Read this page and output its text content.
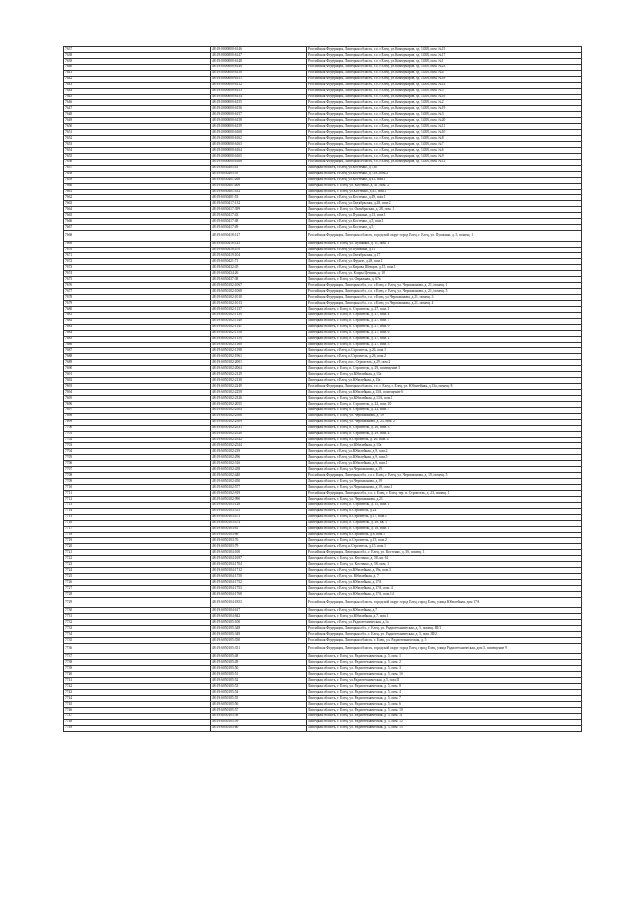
7637	48:19:0000000:6146	Российская Федерация, Липецкая область, г.о. г.Елец, ул.Коммунаров, зд. 143В, пом. №15
7638	48:19:0000000:6147	Российская Федерация, Липецкая область, г.о. г.Елец, ул.Коммунаров, зд. 143В, пом. №17
7639	48:19:0000000:6148	Российская Федерация, Липецкая область, г.о. г.Елец, ул.Коммунаров, зд. 143В, пом. №1
7640	48:19:0000000:6149	Российская Федерация, Липецкая область, г.о. г.Елец, ул.Коммунаров, зд. 143В, пом. №23
7641	48:19:0000000:6150	Российская Федерация, Липецкая область, г.о. г.Елец, ул.Коммунаров, зд. 143В, пом. №4
7642	48:19:0000000:6151	Российская Федерация, Липецкая область, г.о. г.Елец, ул.Коммунаров, зд. 143В, пом. №18
7643	48:19:0000000:6152	Российская Федерация, Липецкая область, г.о. г.Елец, ул.Коммунаров, зд. 143В, пом. №14
7644	48:19:0000000:6153	Российская Федерация, Липецкая область, г.о. г.Елец, ул.Коммунаров, зд. 143В, пом. №5
7645	48:19:0000000:6154	Российская Федерация, Липецкая область, г.о. г.Елец, ул.Коммунаров, зд. 143В, пом. №16
7646	48:19:0000000:6155	Российская Федерация, Липецкая область, г.о. г.Елец, ул.Коммунаров, зд. 143В, пом. №2
7647	48:19:0000000:6156	Российская Федерация, Липецкая область, г.о. г.Елец, ул.Коммунаров, зд. 143В, пом. №19
7648	48:19:0000000:6157	Российская Федерация, Липецкая область, г.о. г.Елец, ул.Коммунаров, зд. 143В, пом. №3
7649	48:19:0000000:6158	Российская Федерация, Липецкая область, г.о. г.Елец, ул.Коммунаров, зд. 143В, пом. №20
7650	48:19:0000000:6159	Российская Федерация, Липецкая область, г.о. г.Елец, ул.Коммунаров, зд. 143В, пом. №11
7651	48:19:0000000:6160	Российская Федерация, Липецкая область, г.о. г.Елец, ул.Коммунаров, зд. 143В, пом. №10
7652	48:19:0000000:6162	Российская Федерация, Липецкая область, г.о. г.Елец, ул.Коммунаров, зд. 143В, пом. №8
7653	48:19:0000000:6163	Российская Федерация, Липецкая область, г.о. г.Елец, ул.Коммунаров, зд. 143В, пом. №7
7654	48:19:0000000:6164	Российская Федерация, Липецкая область, г.о. г.Елец, ул.Коммунаров, зд. 143В, пом. №6
7655	48:19:0000000:6165	Российская Федерация, Липецкая область, г.о. г.Елец, ул.Коммунаров, зд. 143В, пом. №9
7656	48:19:0000000:6166	Российская Федерация, Липецкая область, г.о. г.Елец, ул.Коммунаров, зд. 143В, пом. №12
7657	48:19:6030205:41	Липецкая область, г.Елец, ул.Костенко, д.73а
7658	48:19:6030205:55	Липецкая область, г.Елец, ул.Костенко, д.73А, пом.2
7659	48:19:6030401:268	Липецкая область, г.Елец, ул.Костенко, д.41, пом.1
7660	48:19:6030401:406	Липецкая область, г. Елец, ул. Костенко, д. 41, пом. 2
7661	48:19:6030401:412	Липецкая область, г. Елец, ул.Костенко, д.41, пом.1
7662	48:19:6030401:53	Липецкая область, г.Елец, ул.Костенко, д.49, пом.1
7663	48:19:6030417:132	Липецкая область, г.Елец, ул.Октябрьская, д.28, пом.2
7664	48:19:6030417:399	Липецкая область, г. Елец, ул. Октябрьская, д. 28, пом. 1
7665	48:19:6030417:43	Липецкая область, г.Елец, ул.Пушкина, д.13, пом.1
7666	48:19:6030417:48	Липецкая область, г.Елец, ул.Костенко, д.5, пом.1
7667	48:19:6030417:49	Липецкая область, г.Елец, ул.Костенко, д.5
7668	48:19:6030418:127	Российская Федерация, Липецкая область, городской округ город Елец, г. Елец, ул. Пушкина, д. 5, помещ. 1
7669	48:19:6030418:145	Липецкая область, г. Елец, ул. Пушкина, д. 11, пом. 1
7670	48:19:6030418:470	Липецкая область, г.Елец, ул.Пушкина, д.11
7671	48:19:6030419:104	Липецкая область, г.Елец, ул.Октябрьская, д.17
7672	48:19:6030421:71	Липецкая область, г.Елец, ул.Фрунзе, д.28, пом.1
7673	48:19:6030432:45	Липецкая область, г.Елец, ул.Кирова Шевцов, д.15, пом.1
7674	48:19:6030434:26	Липецкая область, г.Елец, ул. Клары Цеткин, д. 10
7675	48:19:6030437:38	Липецкая область, г. Елец, ул. Овражная, д. 67а
7676	48:19:6050102:1067	Российская Федерация, Липецкая обл., г.о. г.Елец, г. Елец, ул. Черокманова, д. 21, помещ. 1
7677	48:19:6050102:1068	Российская Федерация, Липецкая обл., г.о. г.Елец, г. Елец, ул. Черокманова, д. 21, помещ. 5
7678	48:19:6050102:1010	Российская Федерация, Липецкая обл., г.о. г.Елец, ул.Черокманова, д.21, помещ. 3
7679	48:19:6050102:1013	Российская Федерация, Липецкая обл., г.о. г.Елец, ул.Черокманова, д.21, помещ. 4
7680	48:19:6050102:1137	Липецкая область, г. Елец, п. Строитель, д. 27, пом. 1
7681	48:19:6050102:1139	Липецкая область, г. Елец, п. Строитель, д. 27, пом. 4
7682	48:19:6050102:1140	Липецкая область, г. Елец, п. Строитель, д. 27, пом. 7
7683	48:19:6050102:1141	Липецкая область, г. Елец, п. Строитель, д. 27, пом. 9
7684	48:19:6050102:1158	Липецкая область, г. Елец, п. Строитель, д. 27, пом. 6
7685	48:19:6050102:1159	Липецкая область, г. Елец, п. Строитель, д. 27, пом. 2
7686	48:19:6050102:1160	Липецкая область, г. Елец, п. Строитель, д. 27, пом. 3
7687	48:19:6050102:1198	Липецкая область, г.Елец, п.Строитель, д.26, пом.1
7688	48:19:6050102:1961	Липецкая область, г.Елец, п.Строитель, д.26, пом.2
7689	48:19:6050102:2001	Липецкая область, г.Елец, пос. Строитель, д.29, пом.2
7690	48:19:6050102:2064	Липецкая область, г. Елец, п. Строитель, д. 29, помещение 3
7691	48:19:6050102:2129	Липецкая область, г. Елец, ул.Юбилейная, д.13а
7692	48:19:6050102:2130	Липецкая область, г.Елец, ул.Юбилейная, д.13а
7693	48:19:6050102:2249	Российская Федерация, Липецкая область, г.о. г. Елец, г. Елец, ул. Юбилейная, д.13а, помещ. 8
7694	48:19:6050102:2250	Липецкая область, г.Елец, ул.Юбилейная, д.13А, помещение 6
7695	48:19:6050102:2326	Липецкая область, г. Елец, ул.Юбилейная, д.13А, пом.1
7696	48:19:6050102:2055	Липецкая область, г. Елец, п. Строитель, д. 22, пом. 10
7697	48:19:6050102:2504	Липецкая область, г. Елец, п. Строитель, д. 22, пом. 7
7698	48:19:6050102:2506	Липецкая область, г. Елец, ул. Черокманова, д. 19
7699	48:19:6050102:2509	Липецкая область, г. Елец, ул. Черокманова, д. 23, пом. 2
7700	48:19:6050102:2531	Липецкая область, г. Елец, п. Строитель, д. 26, пом. 3
7701	48:19:6050102:2520	Липецкая область, г. Елец, п. Строитель, д. 29, пом. 4
7702	48:19:6050102:2542	Липецкая область, г. Елец, п.Строитель, д. 26, пом. 4
7703	48:19:6050102:2544	Липецкая область, г. Елец, ул.Юбилейная, д.13а
7704	48:19:6050102:239	Липецкая область, г.Елец, ул.Юбилейная, д.9, пом.2
7705	48:19:6050102:296	Липецкая область, г.Елец, ул.Юбилейная, д.9, пом.5
7706	48:19:6050102:316	Липецкая область, г.Елец, ул.Юбилейная, д.9, пом.1
7707	48:19:6050102:438	Липецкая область, г. Елец, ул.Черокманова, д.19
7708	48:19:6050102:440	Российская Федерация, Липецкая обл., г.о.г. Елец, г. Елец, ул. Черокманова, д. 19, помещ. 5
7709	48:19:6050102:450	Липецкая область, г. Елец, ул.Черокманова, д.19
7710	48:19:6050102:577	Липецкая область, г. Елец, ул.Черокманова, д.19, пом.1
7711	48:19:6050102:919	Российская Федерация, Липецкая обл., г.о. г. Елец, г. Елец, тер. п. Строитель, д. 23, помещ. 1
7712	48:19:6050102:990	Липецкая область, г. Елец, ул. Черокманова, д.21
7713	48:19:6050103:128	Липецкая область, г. Елец, п. Строитель, д. 15, пом. 1
7714	48:19:6050103:315	Липецкая область, г. Елец, п.Строитель, д.22
7715	48:19:6050103:473	Липецкая область, г. Елец, п.Строитель, д.17, пом.1
7716	48:19:6050103:474	Липецкая область, г. Елец, п. Строитель, д. 28, кв. 1
7717	48:19:6050103:61	Липецкая область, г. Елец, п. Строитель, д. 18, пом. 1
7718	48:19:6050103:66	Липецкая область, г. Елец, п.Строитель, д.8, пом.1
7719	48:19:6050103:76	Липецкая область, г. Елец, п.Строитель, д.15, пом.2
7720	48:19:6050103:79	Липецкая область, г.Елец, п.Строитель, д.15, пом.1
7721	48:19:6050104:100	Российская Федерация, Липецкая обл., г. Елец, ул. Костенко, д. 56, помещ. 1
7722	48:19:6050104:1697	Липецкая область, г. Елец, ул. Костенко, д. 58, кв. 61
7723	48:19:6050104:1704	Липецкая область, г. Елец, ул. Костенко, д. 58, пом. 1
7724	48:19:6050104:1712	Липецкая область, г.Елец, ул.Юбилейная, д.19а, пом.3
7725	48:19:6050104:1750	Липецкая область, г.Елец, ул. Юбилейная, д. 7
7726	48:19:6050104:1752	Липецкая область, г.Елец, ул.Юбилейная, д.17А
7727	48:19:6050104:1753	Липецкая область, г.Елец, ул.Юбилейная, д.17А, пом. 4
7728	48:19:6050104:1768	Липецкая область, г.Елец, ул.Юбилейная, д.17А, пом.14
7729	48:19:6050104:1853	Российская Федерация, Липецкая область, городской округ город Елец, город Елец, улица Юбилейная, дом 17А
7730	48:19:6050104:617	Липецкая область, г.Елец, ул.Юбилейная, д.7
7731	48:19:6050104:842	Липецкая область, г. Елец, ул.Юбилейная, д.7, пом.1
7732	48:19:6050105:100	Липецкая область, г.Елец, ул.Радиотехническая, д.1а
7733	48:19:6050105:348	Российская Федерация, Липецкая обл., г. Елец, ул. Радиотехническая, д. 5, помещ. III/1
7734	48:19:6050105:349	Российская Федерация, Липецкая обл., г. Елец, ул. Радиотехническая, д. 5, пом. III/2
7735	48:19:6050105:350	Российская Федерация, Липецкая область, г. Елец, ул. Радиотехническая, д. 5
7736	48:19:6050105:351	Российская Федерация, Липецкая область, городской округ город Елец, город Елец, улица Радиотехническая, дом 5, помещение 9
7737	48:19:6050105:48	Липецкая область, г. Елец, ул. Радиотехническая, д. 5, пом. 1
7738	48:19:6050105:49	Липецкая область, г. Елец, ул. Радиотехническая, д. 5, пом. 2
7739	48:19:6050105:50	Липецкая область, г. Елец, ул. Радиотехническая, д. 5, пом. 3
7740	48:19:6050105:51	Липецкая область, г. Елец, ул. Радиотехническая, д. 5, пом. 1б
7741	48:19:6050105:52	Липецкая область, г. Елец, ул.Радиотехническая, д.5, пом.II
7742	48:19:6050105:53	Липецкая область, г. Елец, ул. Радиотехническая, д. 5, пом. 8
7743	48:19:6050105:54	Липецкая область, г. Елец, ул. Радиотехническая, д. 5, пом. 4
7744	48:19:6050105:55	Липецкая область, г. Елец, ул. Радиотехническая, д. 5, пом. 7
7745	48:19:6050105:56	Липецкая область, г. Елец, ул. Радиотехническая, д. 5, пом. 6
7746	48:19:6050105:57	Липецкая область, г. Елец, ул. Радиотехническая, д. 5, пом. 10
7747	48:19:6050105:58	Липецкая область, г. Елец, ул. Радиотехническая, д. 5, пом. 11
7748	48:19:6050105:59	Липецкая область, г. Елец, ул. Радиотехническая, д. 5, пом. 12
7749	48:19:6050105:60	Липецкая область, г. Елец, ул. Радиотехническая, д. 5, пом. 15
